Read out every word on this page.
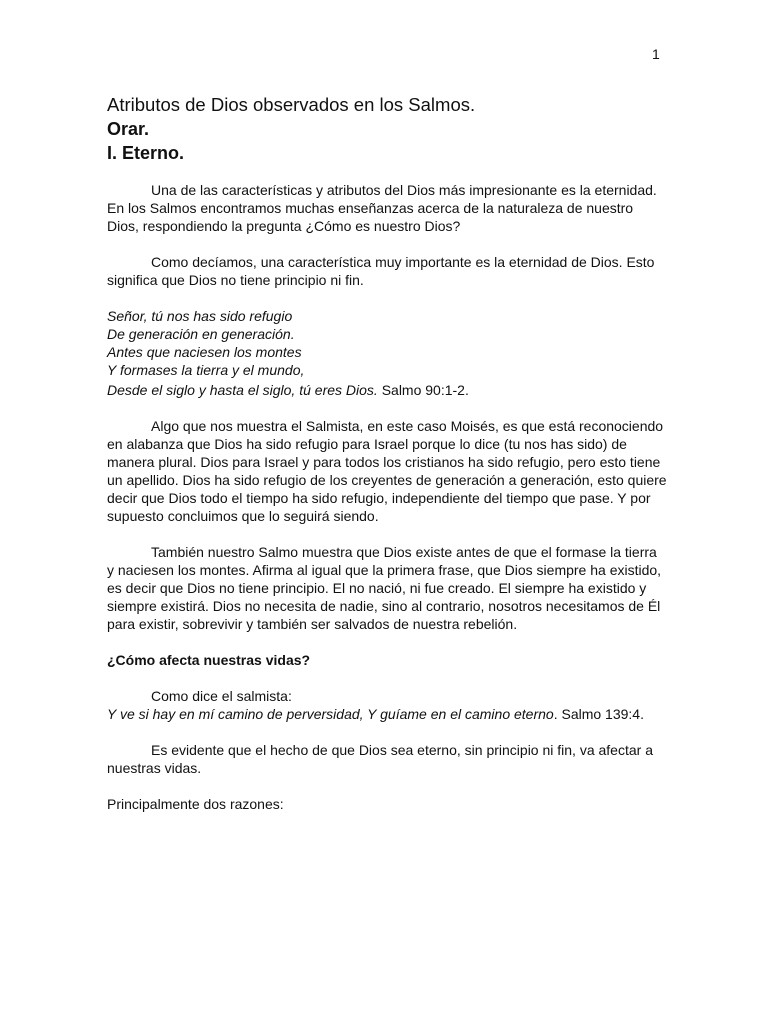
1
Atributos de Dios observados en los Salmos.
Orar.
I. Eterno.

Una de las características y atributos del Dios más impresionante es la eternidad. En los Salmos encontramos muchas enseñanzas acerca de la naturaleza de nuestro Dios, respondiendo la pregunta ¿Cómo es nuestro Dios?

Como decíamos, una característica muy importante es la eternidad de Dios. Esto significa que Dios no tiene principio ni fin.

Señor, tú nos has sido refugio
De generación en generación.
Antes que naciesen los montes
Y formases la tierra y el mundo,
Desde el siglo y hasta el siglo, tú eres Dios. Salmo 90:1-2.

Algo que nos muestra el Salmista, en este caso Moisés, es que está reconociendo en alabanza que Dios ha sido refugio para Israel porque lo dice (tu nos has sido) de manera plural. Dios para Israel y para todos los cristianos ha sido refugio, pero esto tiene un apellido. Dios ha sido refugio de los creyentes de generación a generación, esto quiere decir que Dios todo el tiempo ha sido refugio, independiente del tiempo que pase. Y por supuesto concluimos que lo seguirá siendo.

También nuestro Salmo muestra que Dios existe antes de que el formase la tierra y naciesen los montes. Afirma al igual que la primera frase, que Dios siempre ha existido, es decir que Dios no tiene principio. El no nació, ni fue creado. El siempre ha existido y siempre existirá. Dios no necesita de nadie, sino al contrario, nosotros necesitamos de Él para existir, sobrevivir y también ser salvados de nuestra rebelión.

¿Cómo afecta nuestras vidas?

Como dice el salmista:

Y ve si hay en mí camino de perversidad, Y guíame en el camino eterno. Salmo 139:4.

Es evidente que el hecho de que Dios sea eterno, sin principio ni fin, va afectar a nuestras vidas.

Principalmente dos razones:
